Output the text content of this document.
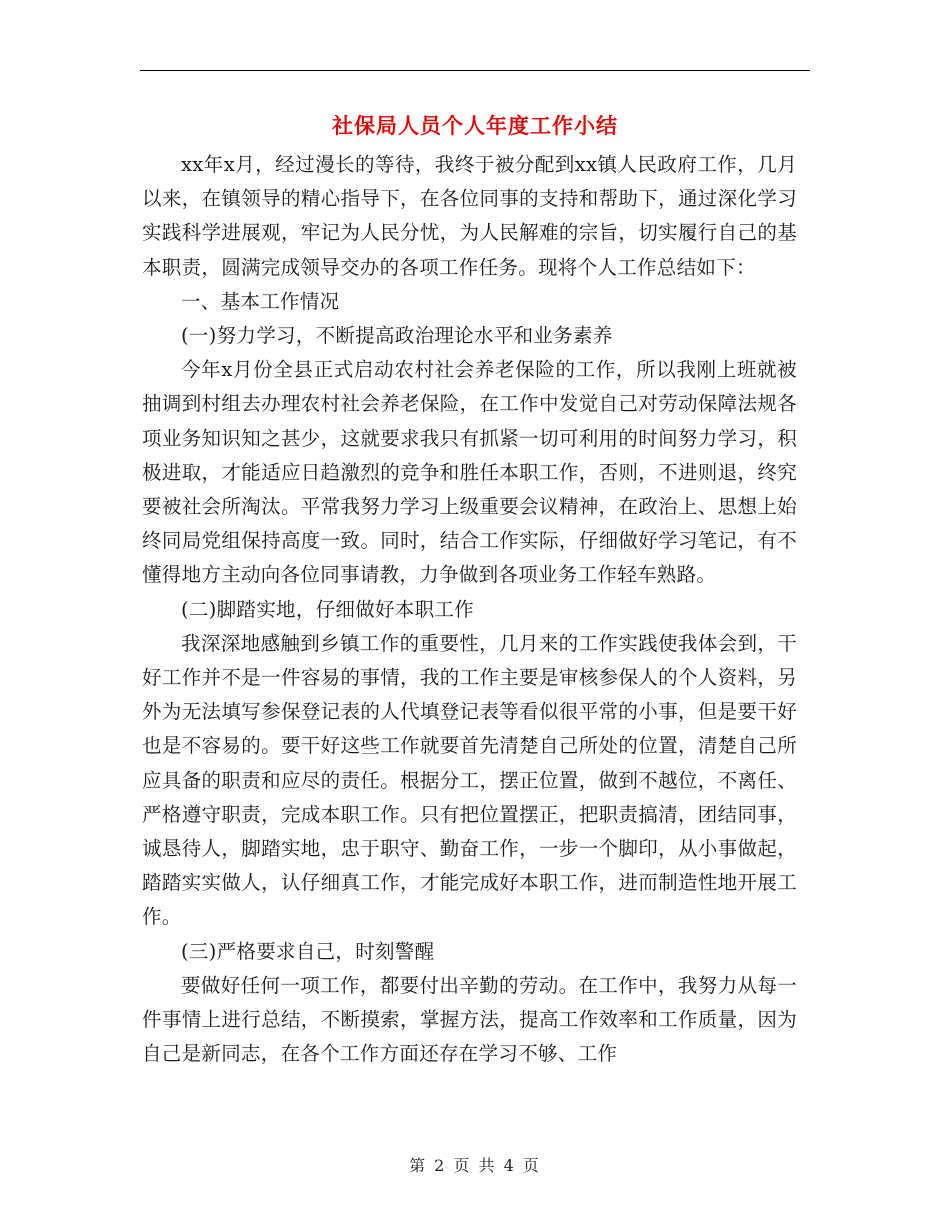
社保局人员个人年度工作小结

xx年x月，经过漫长的等待，我终于被分配到xx镇人民政府工作，几月以来，在镇领导的精心指导下，在各位同事的支持和帮助下，通过深化学习实践科学进展观，牢记为人民分忧，为人民解难的宗旨，切实履行自己的基本职责，圆满完成领导交办的各项工作任务。现将个人工作总结如下：

一、基本工作情况

(一)努力学习，不断提高政治理论水平和业务素养

今年x月份全县正式启动农村社会养老保险的工作，所以我刚上班就被抽调到村组去办理农村社会养老保险，在工作中发觉自己对劳动保障法规各项业务知识知之甚少，这就要求我只有抓紧一切可利用的时间努力学习，积极进取，才能适应日趋激烈的竞争和胜任本职工作，否则，不进则退，终究要被社会所淘汰。平常我努力学习上级重要会议精神，在政治上、思想上始终同局党组保持高度一致。同时，结合工作实际，仔细做好学习笔记，有不懂得地方主动向各位同事请教，力争做到各项业务工作轻车熟路。

(二)脚踏实地，仔细做好本职工作

我深深地感触到乡镇工作的重要性，几月来的工作实践使我体会到，干好工作并不是一件容易的事情，我的工作主要是审核参保人的个人资料，另外为无法填写参保登记表的人代填登记表等看似很平常的小事，但是要干好也是不容易的。要干好这些工作就要首先清楚自己所处的位置，清楚自己所应具备的职责和应尽的责任。根据分工，摆正位置，做到不越位，不离任、严格遵守职责，完成本职工作。只有把位置摆正，把职责搞清，团结同事，诚恳待人，脚踏实地，忠于职守、勤奋工作，一步一个脚印，从小事做起，踏踏实实做人，认仔细真工作，才能完成好本职工作，进而制造性地开展工作。

(三)严格要求自己，时刻警醒

要做好任何一项工作，都要付出辛勤的劳动。在工作中，我努力从每一件事情上进行总结，不断摸索，掌握方法，提高工作效率和工作质量，因为自己是新同志，在各个工作方面还存在学习不够、工作

第 2 页 共 4 页
